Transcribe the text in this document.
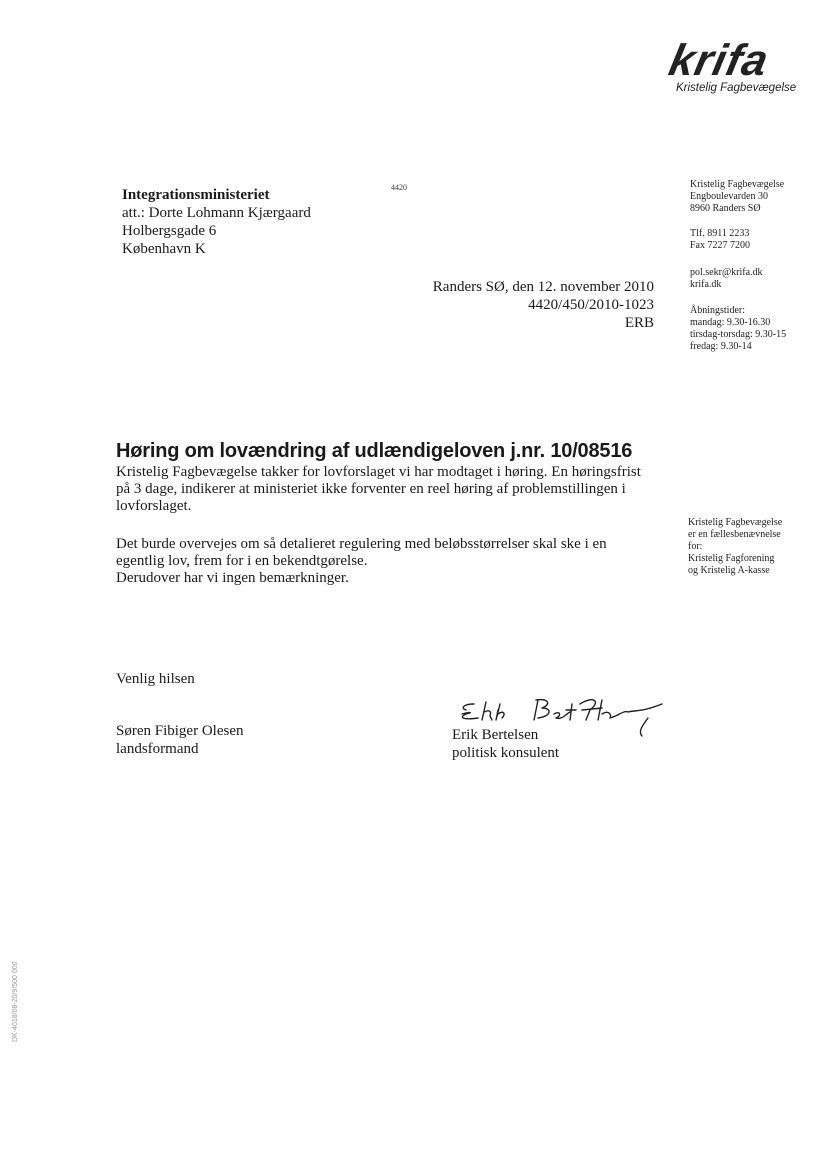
krifa
Kristelig Fagbevægelse
Integrationsministeriet
att.: Dorte Lohmann Kjærgaard
Holbergsgade 6
København K
4420	Kristelig Fagbevægelse
Engboulevarden 30
8960 Randers SØ
Tlf. 8911 2233
Fax 7227 7200
pol.sekr@krifa.dk
krifa.dk
Åbningstider:
mandag: 9.30-16.30
tirsdag-torsdag: 9.30-15
fredag: 9.30-14
Randers SØ, den 12. november 2010
4420/450/2010-1023
ERB
Høring om lovændring af udlændigeloven j.nr. 10/08516
Kristelig Fagbevægelse takker for lovforslaget vi har modtaget i høring. En høringsfrist
på 3 dage, indikerer at ministeriet ikke forventer en reel høring af problemstillingen i
lovforslaget.
Det burde overvejes om så detalieret regulering med beløbsstørrelser skal ske i en
egentlig lov, frem for i en bekendtgørelse.
Derudover har vi ingen bemærkninger.
Kristelig Fagbevægelse
er en fællesbenævnelse
for:
Kristelig Fagforening
og Kristelig A-kasse
Venlig hilsen
Søren Fibiger Olesen
landsformand
Erik Bertelsen
politisk konsulent
DK-4018/08-20/9/500 000
